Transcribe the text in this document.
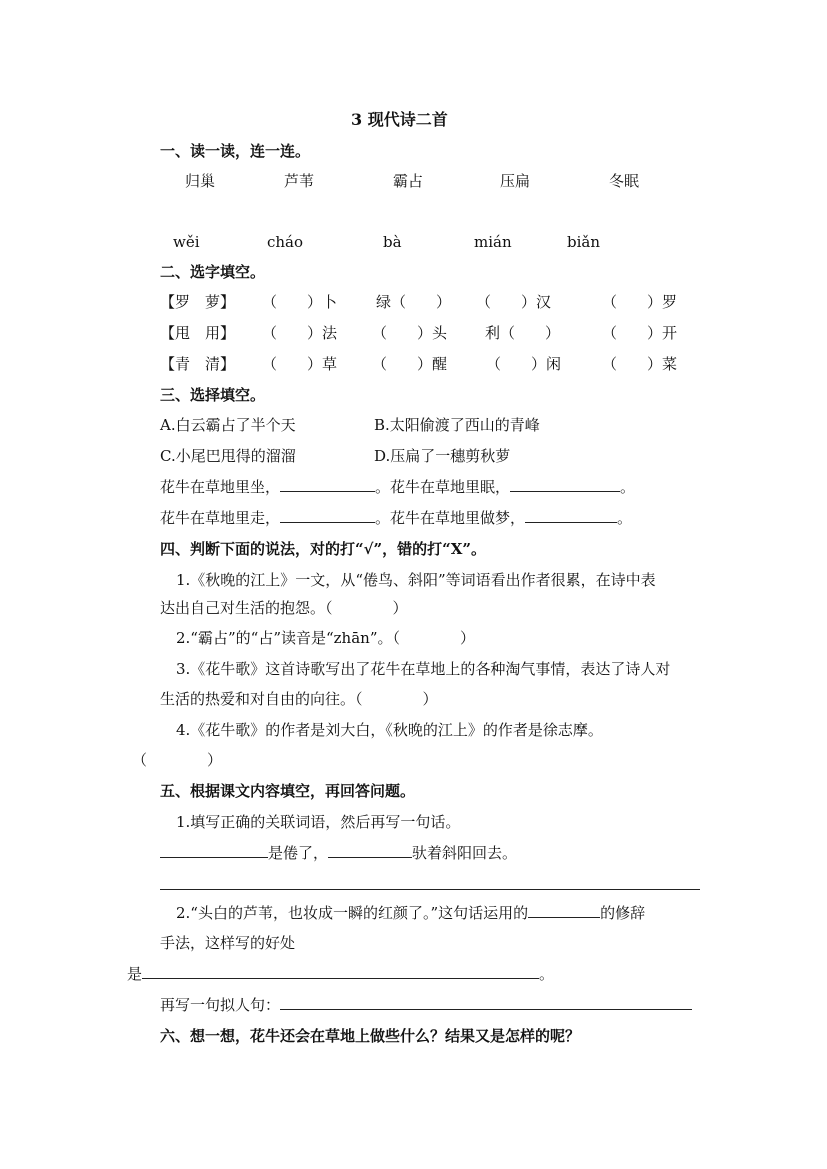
3 现代诗二首
一、读一读，连一连。
归巢	芦苇	霸占	压扁	冬眠
wěi	cháo	bà	mián	biǎn
二、选字填空。
【罗　萝】 （　　）卜	绿（　　） （　　）汉	（　　）罗
【甩　用】 （　　）法 （　　）头	利（　　）	（　　）开
【青　清】 （　　）草 （　　）醒	（　　）闲	（　　）菜
三、选择填空。
A.白云霸占了半个天	B.太阳偷渡了西山的青峰
C.小尾巴甩得的溜溜	D.压扁了一穗剪秋萝
花牛在草地里坐，	。花牛在草地里眠，	。
花牛在草地里走，	。花牛在草地里做梦，	。
四、判断下面的说法，对的打“√”，错的打“X”。
1.《秋晚的江上》一文，从“倦鸟、斜阳”等词语看出作者很累，在诗中表
达出自己对生活的抱怨。（　　　　）
2.“霸占”的“占”读音是“zhān”。（　　　　）
3.《花牛歌》这首诗歌写出了花牛在草地上的各种淘气事情，表达了诗人对
生活的热爱和对自由的向往。（　　　　）
4.《花牛歌》的作者是刘大白，《秋晚的江上》的作者是徐志摩。
（　　　　）
五、根据课文内容填空，再回答问题。
1.填写正确的关联词语，然后再写一句话。
是倦了，	驮着斜阳回去。
2.“头白的芦苇，也妆成一瞬的红颜了。”这句话运用的	的修辞
手法，这样写的好处
是	。
再写一句拟人句：
六、想一想，花牛还会在草地上做些什么？结果又是怎样的呢？
